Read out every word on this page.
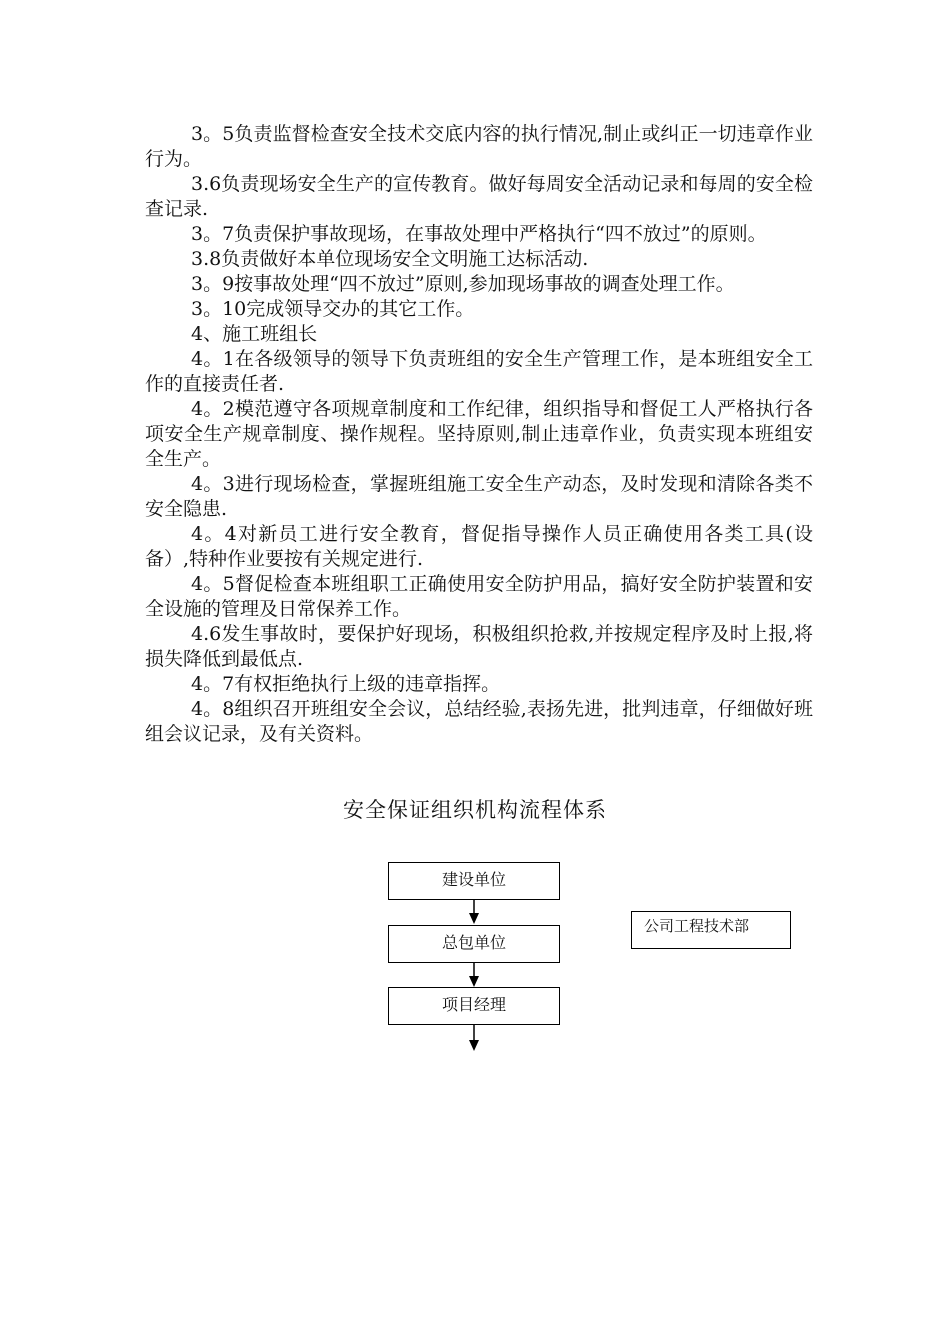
3。5负责监督检查安全技术交底内容的执行情况,制止或纠正一切违章作业行为。

3.6负责现场安全生产的宣传教育。做好每周安全活动记录和每周的安全检查记录.

3。7负责保护事故现场，在事故处理中严格执行“四不放过”的原则。

3.8负责做好本单位现场安全文明施工达标活动.

3。9按事故处理“四不放过”原则,参加现场事故的调查处理工作。

3。10完成领导交办的其它工作。

4、施工班组长

4。1在各级领导的领导下负责班组的安全生产管理工作，是本班组安全工作的直接责任者.

4。2模范遵守各项规章制度和工作纪律，组织指导和督促工人严格执行各项安全生产规章制度、操作规程。坚持原则,制止违章作业，负责实现本班组安全生产。

4。3进行现场检查，掌握班组施工安全生产动态，及时发现和清除各类不安全隐患.

4。4对新员工进行安全教育，督促指导操作人员正确使用各类工具(设备）,特种作业要按有关规定进行.

4。5督促检查本班组职工正确使用安全防护用品，搞好安全防护装置和安全设施的管理及日常保养工作。

4.6发生事故时，要保护好现场，积极组织抢救,并按规定程序及时上报,将损失降低到最低点.

4。7有权拒绝执行上级的违章指挥。

4。8组织召开班组安全会议，总结经验,表扬先进，批判违章，仔细做好班组会议记录，及有关资料。

安全保证组织机构流程体系
建设单位
总包单位
项目经理
公司工程技术部
